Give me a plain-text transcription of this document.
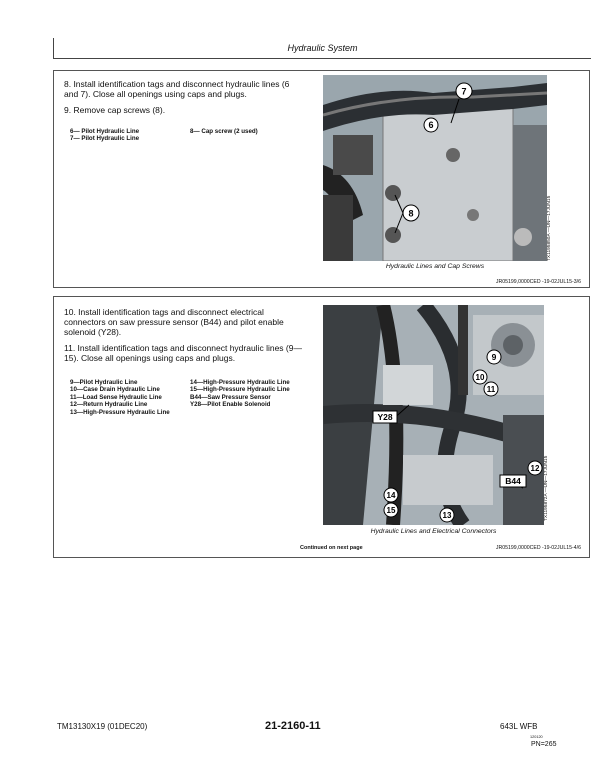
Hydraulic System
8. Install identification tags and disconnect hydraulic lines (6 and 7). Close all openings using caps and plugs.
9. Remove cap screws (8).
6— Pilot Hydraulic Line
7— Pilot Hydraulic Line
8— Cap screw (2 used)
7
6
8	TX1195850A —UN—17JUN15
Hydraulic Lines and Cap Screws
JR05199,0000CED -19-02JUL15-3/6
10. Install identification tags and disconnect electrical connectors on saw pressure sensor (B44) and pilot enable solenoid (Y28).
11. Install identification tags and disconnect hydraulic lines (9—15). Close all openings using caps and plugs.
9— Pilot Hydraulic Line
10— Case Drain Hydraulic Line
11— Load Sense Hydraulic Line
12— Return Hydraulic Line
13— High-Pressure Hydraulic Line
14— High-Pressure Hydraulic Line
15— High-Pressure Hydraulic Line
B44— Saw Pressure Sensor
Y28— Pilot Enable Solenoid
9
10
11
Y28
12
B44
14
15
13	TX1195872A —UN—17JUN15
Hydraulic Lines and Electrical Connectors
Continued on next page	JR05199,0000CED -19-02JUL15-4/6
TM13130X19 (01DEC20)	21-2160-11	643L WFB
120120
PN=265
